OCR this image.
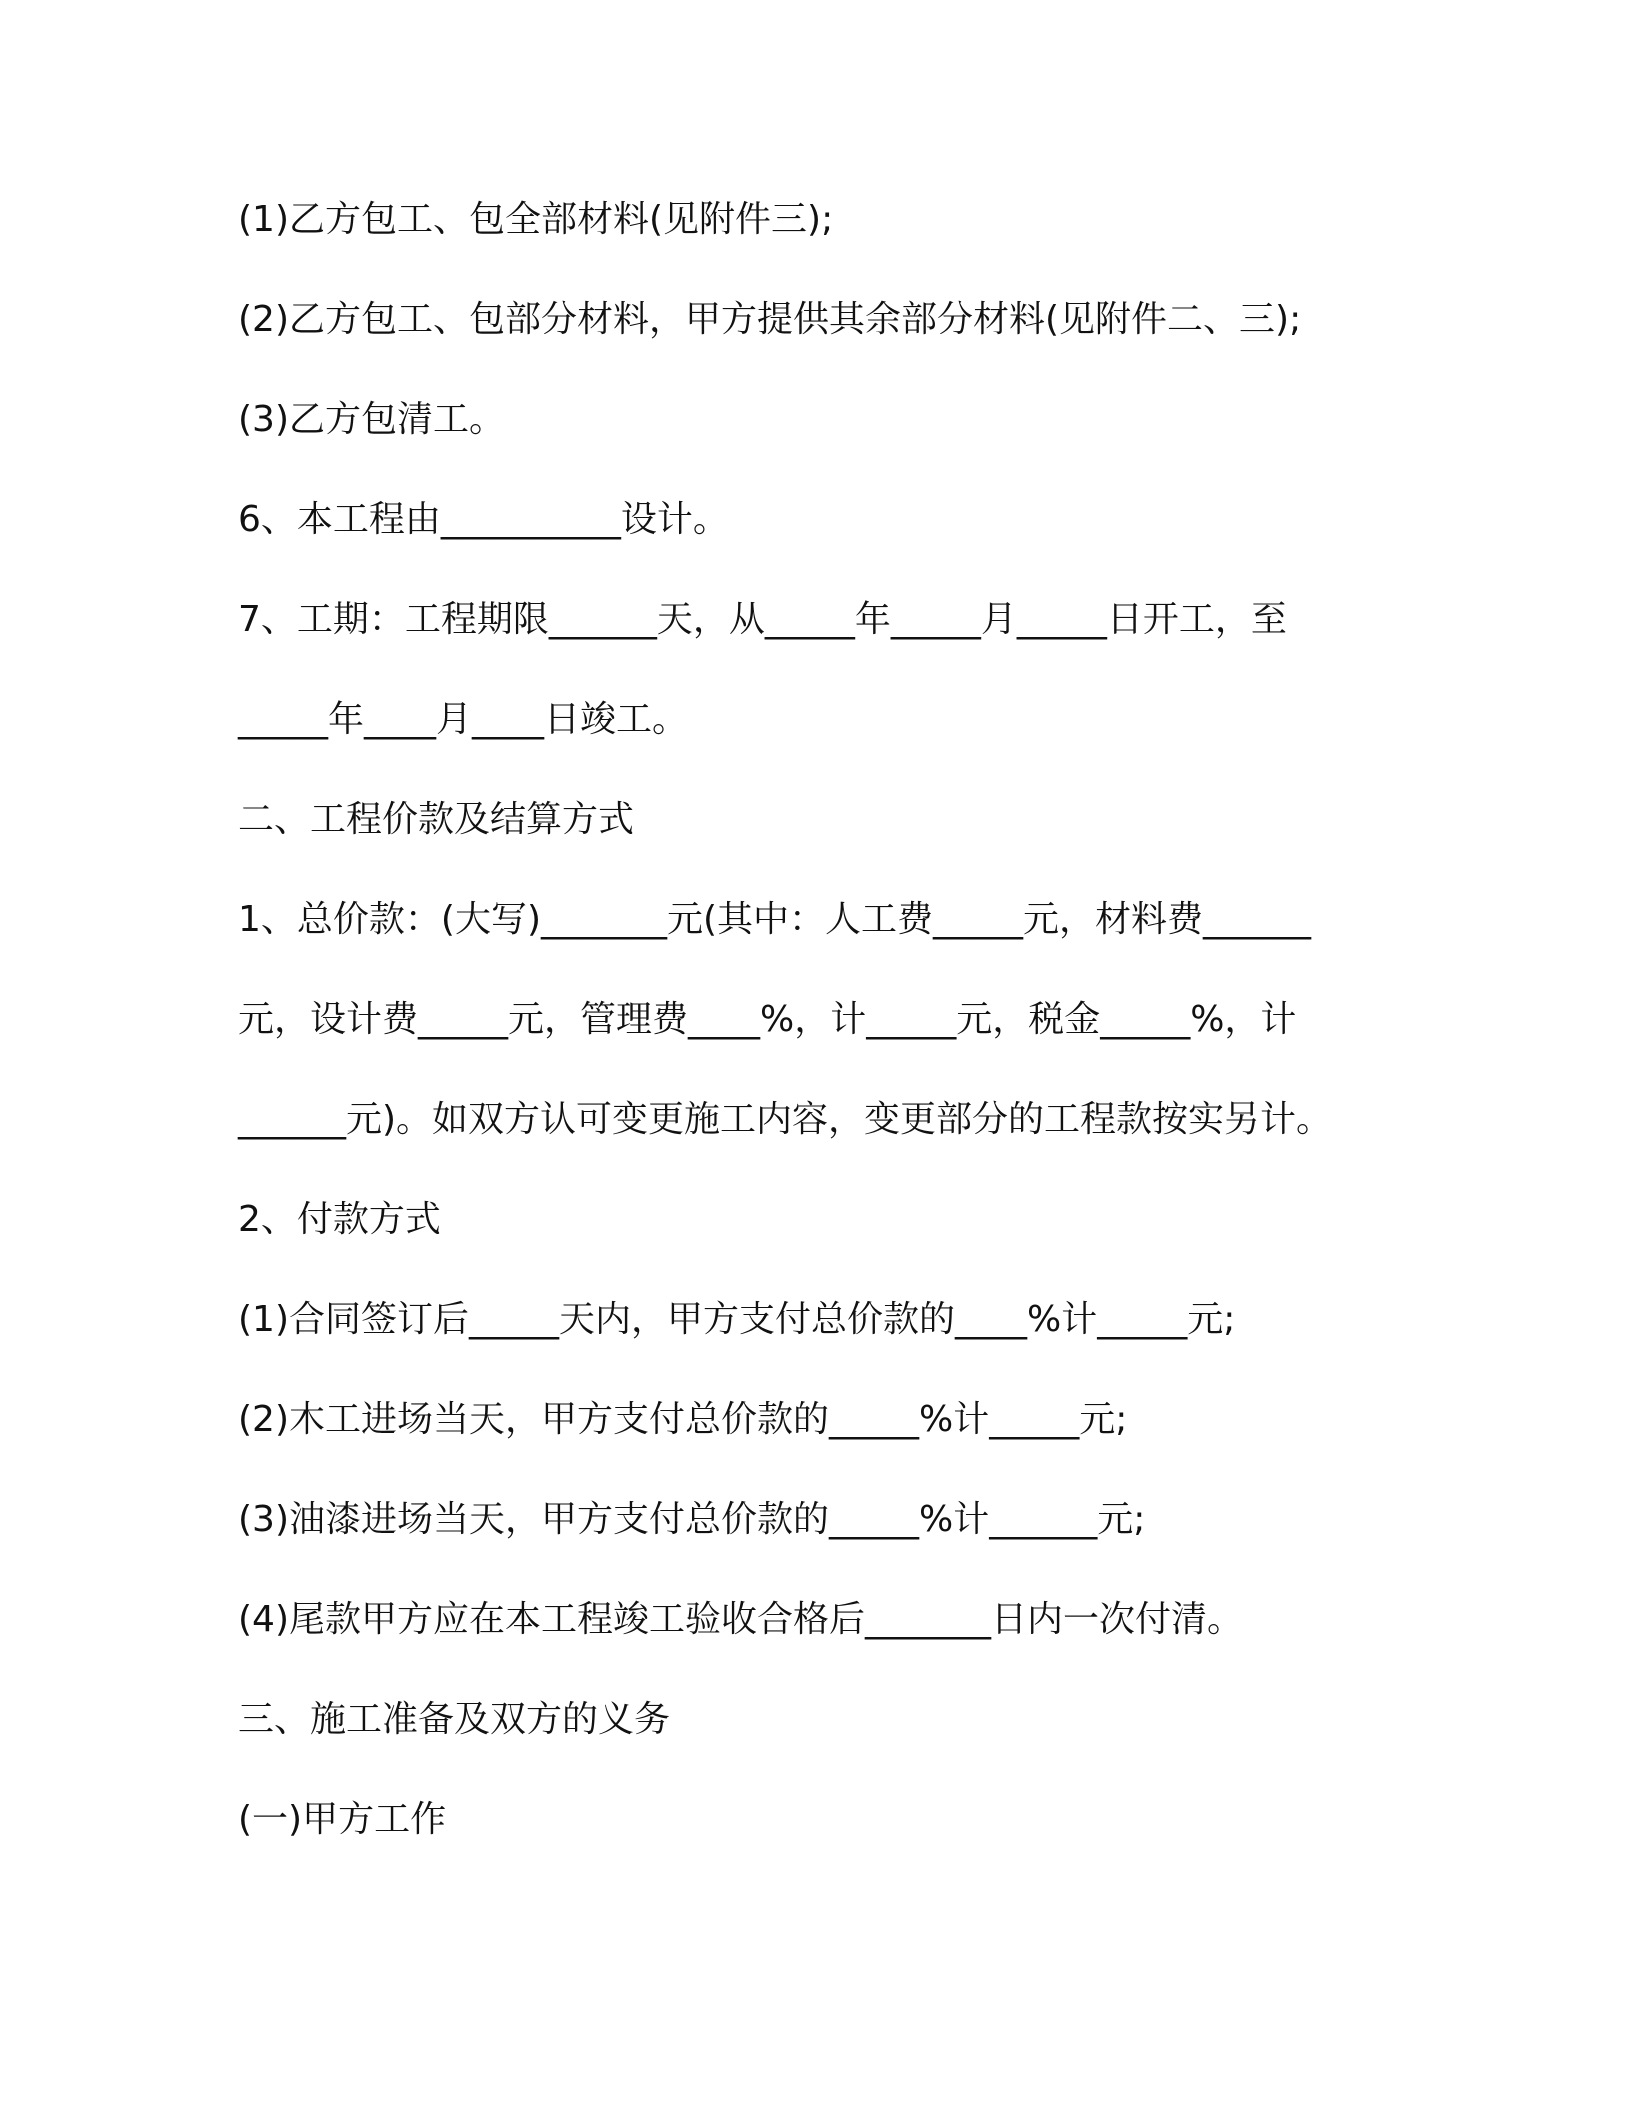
(1)乙方包工、包全部材料(见附件三);
(2)乙方包工、包部分材料，甲方提供其余部分材料(见附件二、三);
(3)乙方包清工。
6、本工程由__________设计。
7、工期：工程期限______天，从_____年_____月_____日开工，至
_____年____月____日竣工。
二、工程价款及结算方式
1、总价款：(大写)_______元(其中：人工费_____元，材料费______
元，设计费_____元，管理费____%，计_____元，税金_____%，计
______元)。如双方认可变更施工内容，变更部分的工程款按实另计。
2、付款方式
(1)合同签订后_____天内，甲方支付总价款的____%计_____元;
(2)木工进场当天，甲方支付总价款的_____%计_____元;
(3)油漆进场当天，甲方支付总价款的_____%计______元;
(4)尾款甲方应在本工程竣工验收合格后_______日内一次付清。
三、施工准备及双方的义务
(一)甲方工作
